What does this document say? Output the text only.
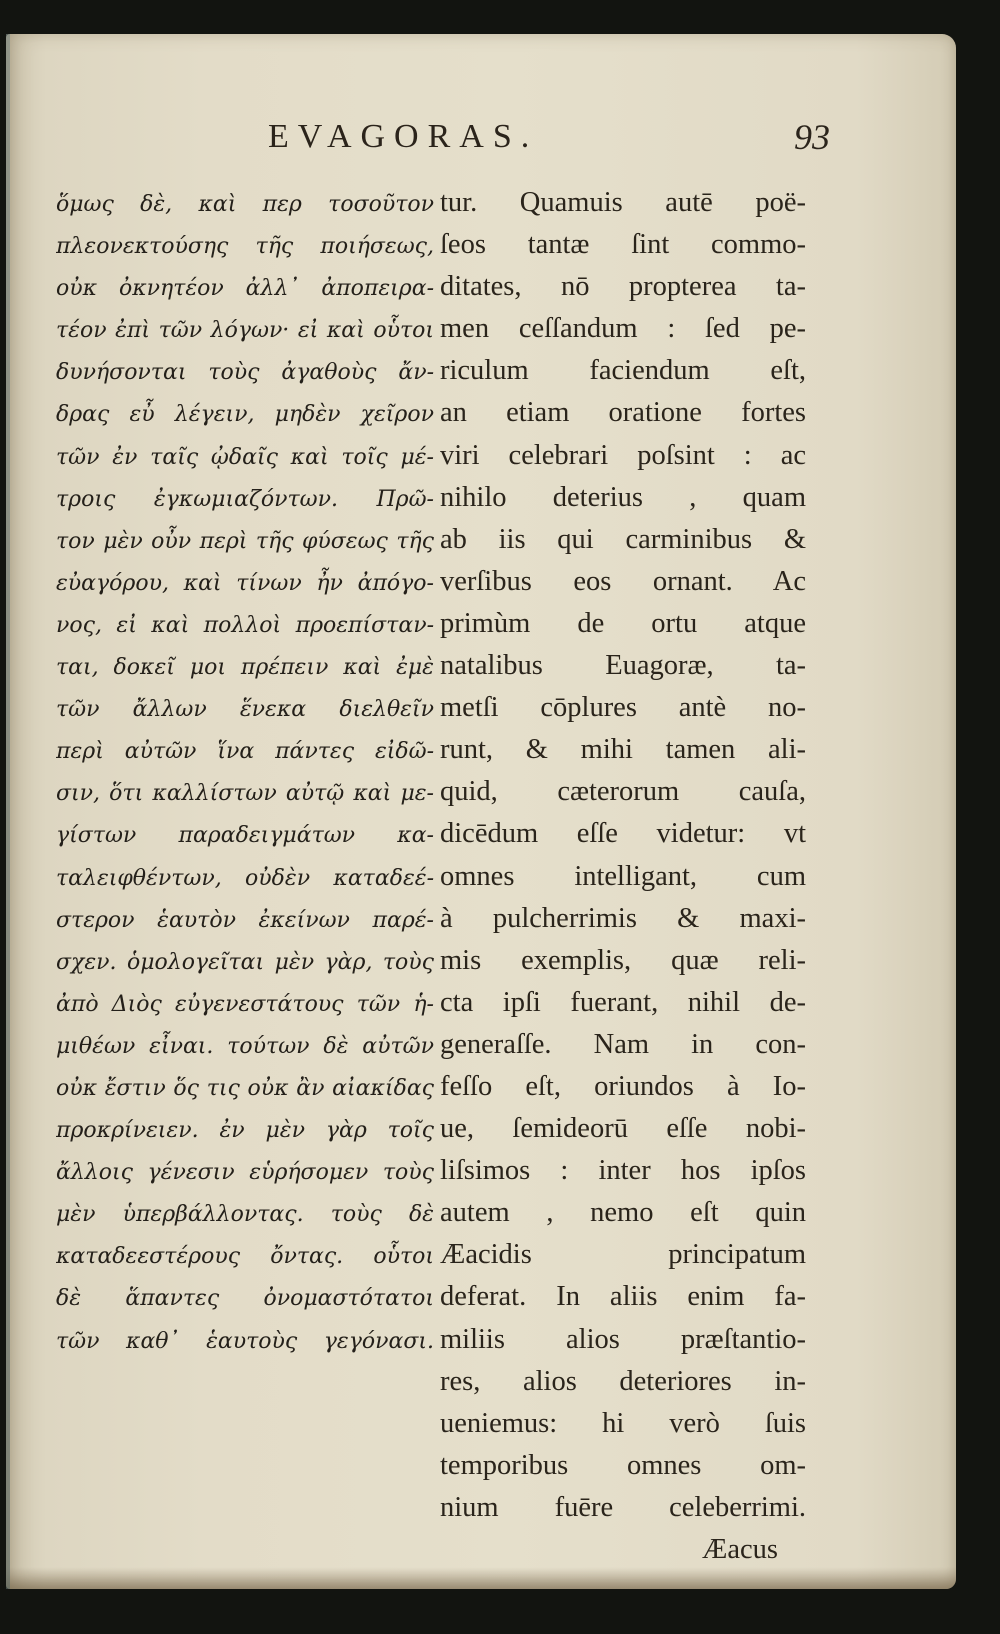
EVAGORAS.	93
ὅμως δὲ, καὶ περ τοσοῦτον
πλεονεκτούσης τῆς ποιήσεως,
οὐκ ὀκνητέον ἀλλ᾽ ἀποπειρα-
τέον ἐπὶ τῶν λόγων· εἰ καὶ οὗτοι
δυνήσονται τοὺς ἀγαθοὺς ἄν-
δρας εὖ λέγειν, μηδὲν χεῖρον
τῶν ἐν ταῖς ᾠδαῖς καὶ τοῖς μέ-
τροις ἐγκωμιαζόντων. Πρῶ-
τον μὲν οὖν περὶ τῆς φύσεως τῆς
εὐαγόρου, καὶ τίνων ἦν ἀπόγο-
νος, εἰ καὶ πολλοὶ προεπίσταν-
ται, δοκεῖ μοι πρέπειν καὶ ἐμὲ
τῶν ἄλλων ἕνεκα διελθεῖν
περὶ αὐτῶν ἵνα πάντες εἰδῶ-
σιν, ὅτι καλλίστων αὐτῷ καὶ με-
γίστων παραδειγμάτων κα-
ταλειφθέντων, οὐδὲν καταδεέ-
στερον ἑαυτὸν ἐκείνων παρέ-
σχεν. ὁμολογεῖται μὲν γὰρ, τοὺς
ἀπὸ Διὸς εὐγενεστάτους τῶν ἡ-
μιθέων εἶναι. τούτων δὲ αὐτῶν
οὐκ ἔστιν ὅς τις οὐκ ἂν αἰακίδας
προκρίνειεν. ἐν μὲν γὰρ τοῖς
ἄλλοις γένεσιν εὑρήσομεν τοὺς
μὲν ὑπερβάλλοντας. τοὺς δὲ
καταδεεστέρους ὄντας. οὗτοι
δὲ ἅπαντες ὀνομαστότατοι
τῶν καθ᾽ ἑαυτοὺς γεγόνασι.
tur. Quamuis autē poë-
ſeos tantæ ſint commo-
ditates, nō propterea ta-
men ceſſandum : ſed pe-
riculum faciendum eſt,
an etiam oratione fortes
viri celebrari poſsint : ac
nihilo deterius , quam
ab iis qui carminibus &
verſibus eos ornant. Ac
primùm de ortu atque
natalibus Euagoræ, ta-
metſi cōplures antè no-
runt, & mihi tamen ali-
quid, cæterorum cauſa,
dicēdum eſſe videtur: vt
omnes intelligant, cum
à pulcherrimis & maxi-
mis exemplis, quæ reli-
cta ipſi fuerant, nihil de-
generaſſe. Nam in con-
feſſo eſt, oriundos à Io-
ue, ſemideorū eſſe nobi-
liſsimos : inter hos ipſos
autem , nemo eſt quin
Æacidis principatum
deferat. In aliis enim fa-
miliis alios præſtantio-
res, alios deteriores in-
ueniemus: hi verò ſuis
temporibus omnes om-
nium fuēre celeberrimi.
Æacus
